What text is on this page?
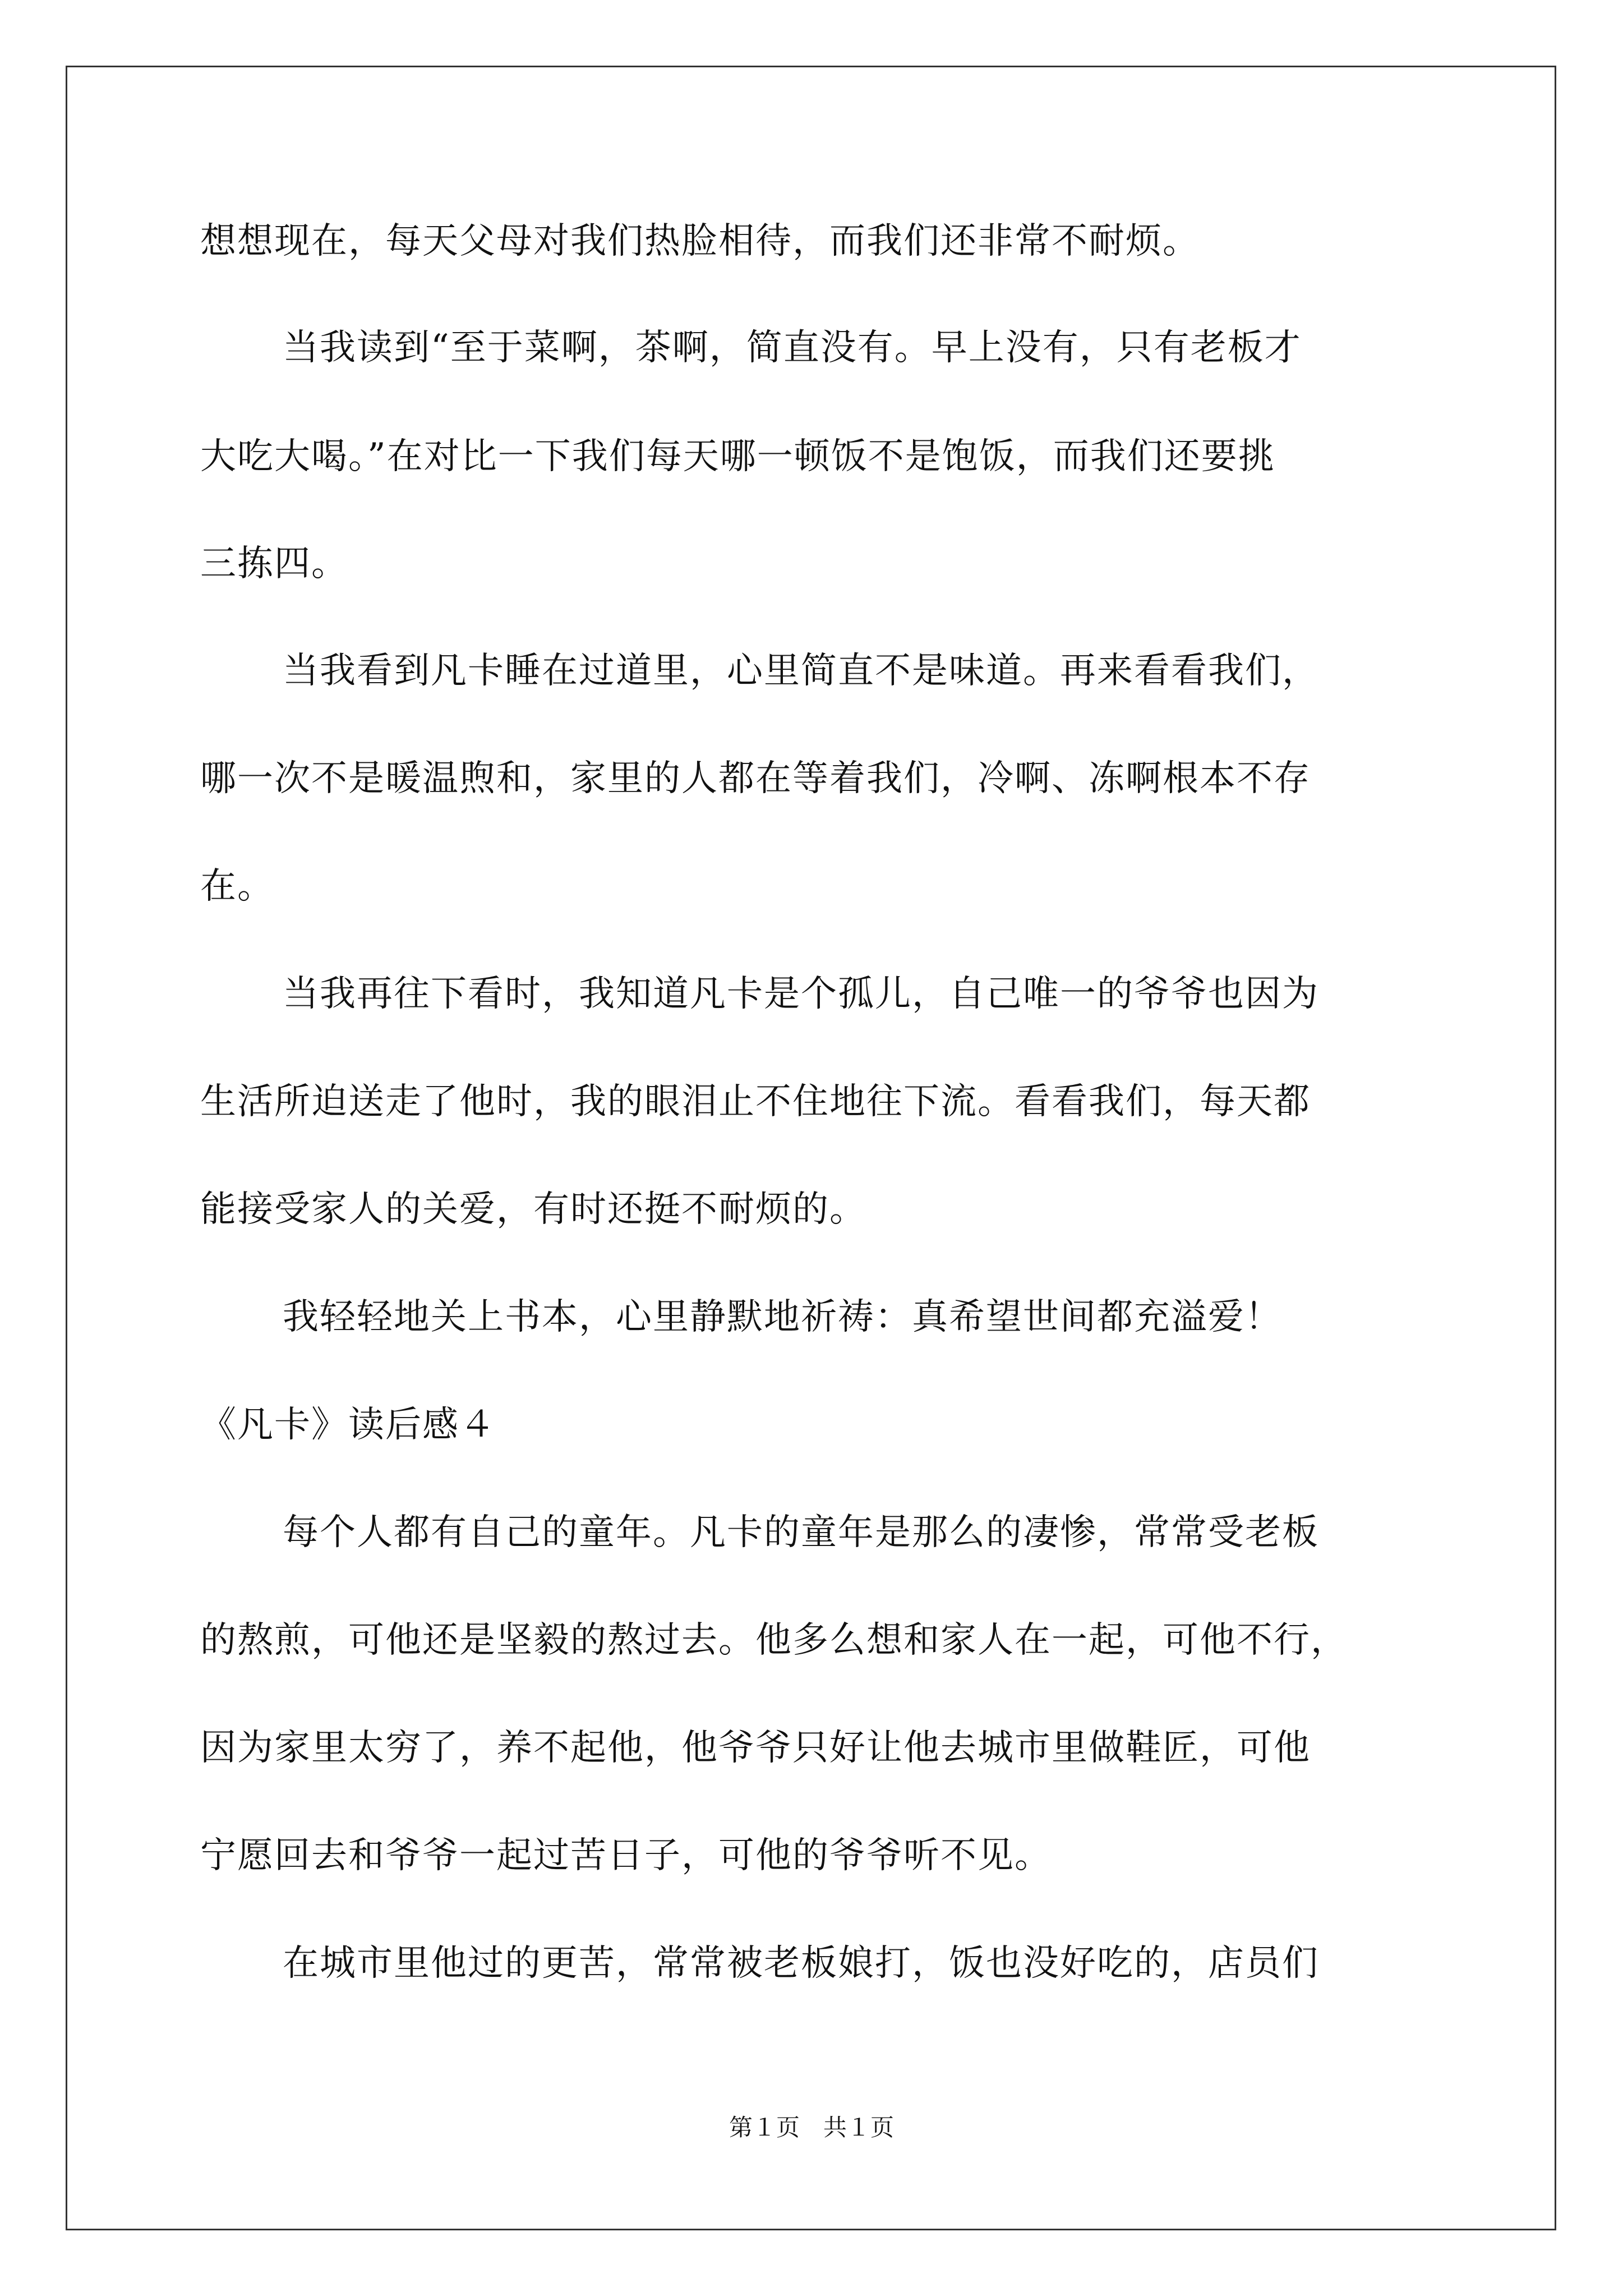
想想现在，每天父母对我们热脸相待，而我们还非常不耐烦。
当我读到“至于菜啊，茶啊，简直没有。早上没有，只有老板才
大吃大喝。”在对比一下我们每天哪一顿饭不是饱饭，而我们还要挑
三拣四。
当我看到凡卡睡在过道里，心里简直不是味道。再来看看我们，
哪一次不是暖温煦和，家里的人都在等着我们，冷啊、冻啊根本不存
在。
当我再往下看时，我知道凡卡是个孤儿，自己唯一的爷爷也因为
生活所迫送走了他时，我的眼泪止不住地往下流。看看我们，每天都
能接受家人的关爱，有时还挺不耐烦的。
我轻轻地关上书本，心里静默地祈祷：真希望世间都充溢爱！
《凡卡》读后感４
每个人都有自己的童年。凡卡的童年是那么的凄惨，常常受老板
的熬煎，可他还是坚毅的熬过去。他多么想和家人在一起，可他不行，
因为家里太穷了，养不起他，他爷爷只好让他去城市里做鞋匠，可他
宁愿回去和爷爷一起过苦日子，可他的爷爷听不见。
在城市里他过的更苦，常常被老板娘打，饭也没好吃的，店员们
第１页　共１页
